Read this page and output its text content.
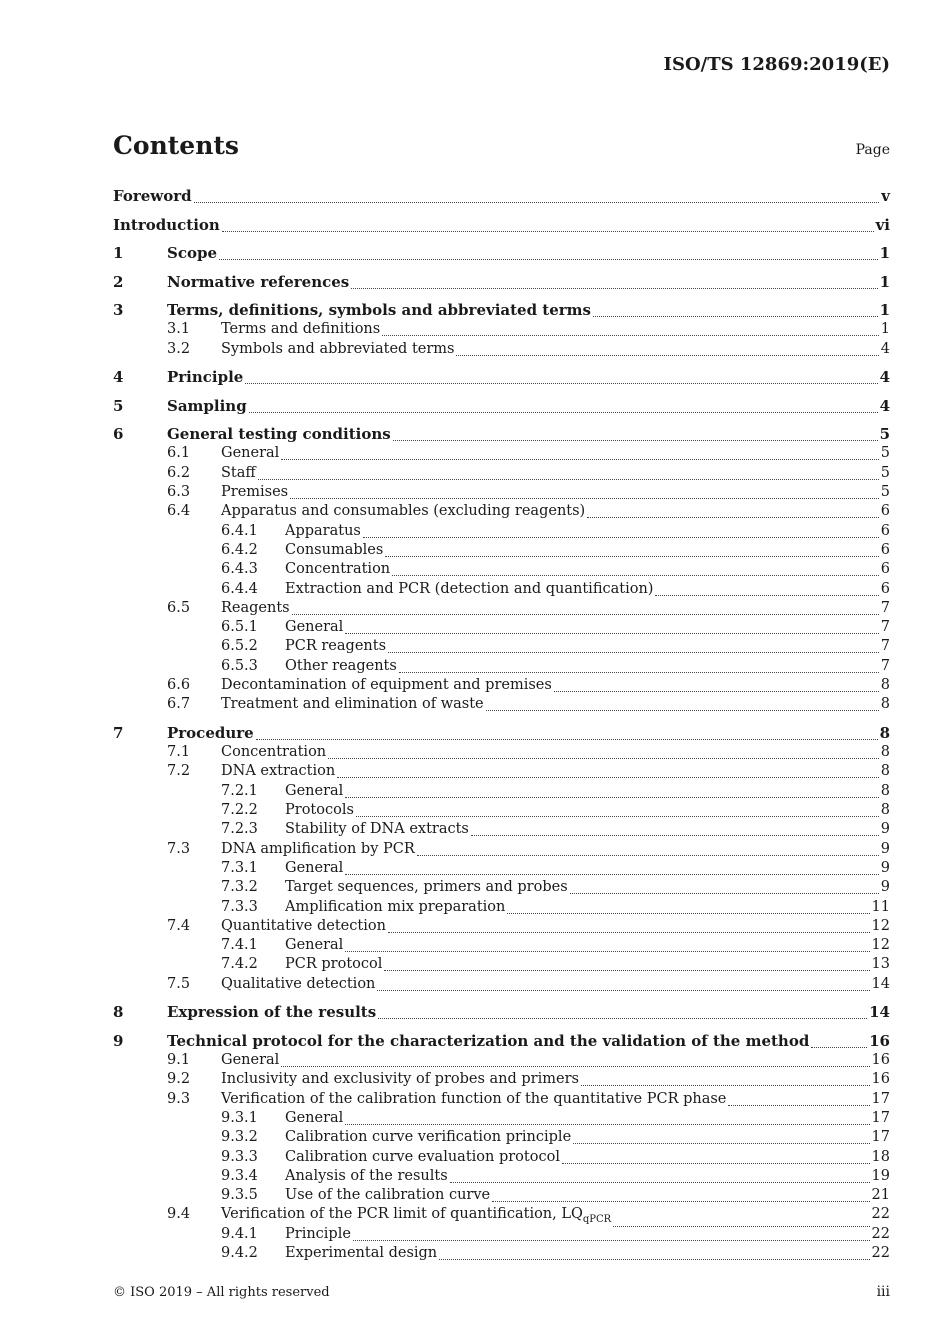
ISO/TS 12869:2019(E)
Contents	Page
Foreword	v
Introduction	vi
1	Scope	1
2	Normative references	1
3	Terms, definitions, symbols and abbreviated terms	1
3.1 Terms and definitions	1
3.2 Symbols and abbreviated terms	4
4	Principle	4
5	Sampling	4
6	General testing conditions	5
6.1 General	5
6.2 Staff	5
6.3 Premises	5
6.4 Apparatus and consumables (excluding reagents)	6
6.4.1 Apparatus	6
6.4.2 Consumables	6
6.4.3 Concentration	6
6.4.4 Extraction and PCR (detection and quantification)	6
6.5 Reagents	7
6.5.1 General	7
6.5.2 PCR reagents	7
6.5.3 Other reagents	7
6.6 Decontamination of equipment and premises	8
6.7 Treatment and elimination of waste	8
7	Procedure	8
7.1 Concentration	8
7.2 DNA extraction	8
7.2.1 General	8
7.2.2 Protocols	8
7.2.3 Stability of DNA extracts	9
7.3 DNA amplification by PCR	9
7.3.1 General	9
7.3.2 Target sequences, primers and probes	9
7.3.3 Amplification mix preparation	11
7.4 Quantitative detection	12
7.4.1 General	12
7.4.2 PCR protocol	13
7.5 Qualitative detection	14
8	Expression of the results	14
9	Technical protocol for the characterization and the validation of the method	16
9.1 General	16
9.2 Inclusivity and exclusivity of probes and primers	16
9.3 Verification of the calibration function of the quantitative PCR phase	17
9.3.1 General	17
9.3.2 Calibration curve verification principle	17
9.3.3 Calibration curve evaluation protocol	18
9.3.4 Analysis of the results	19
9.3.5 Use of the calibration curve	21
9.4 Verification of the PCR limit of quantification, $LQ_{qPCR}$	22
9.4.1 Principle	22
9.4.2 Experimental design	22
© ISO 2019 – All rights reserved	iii
